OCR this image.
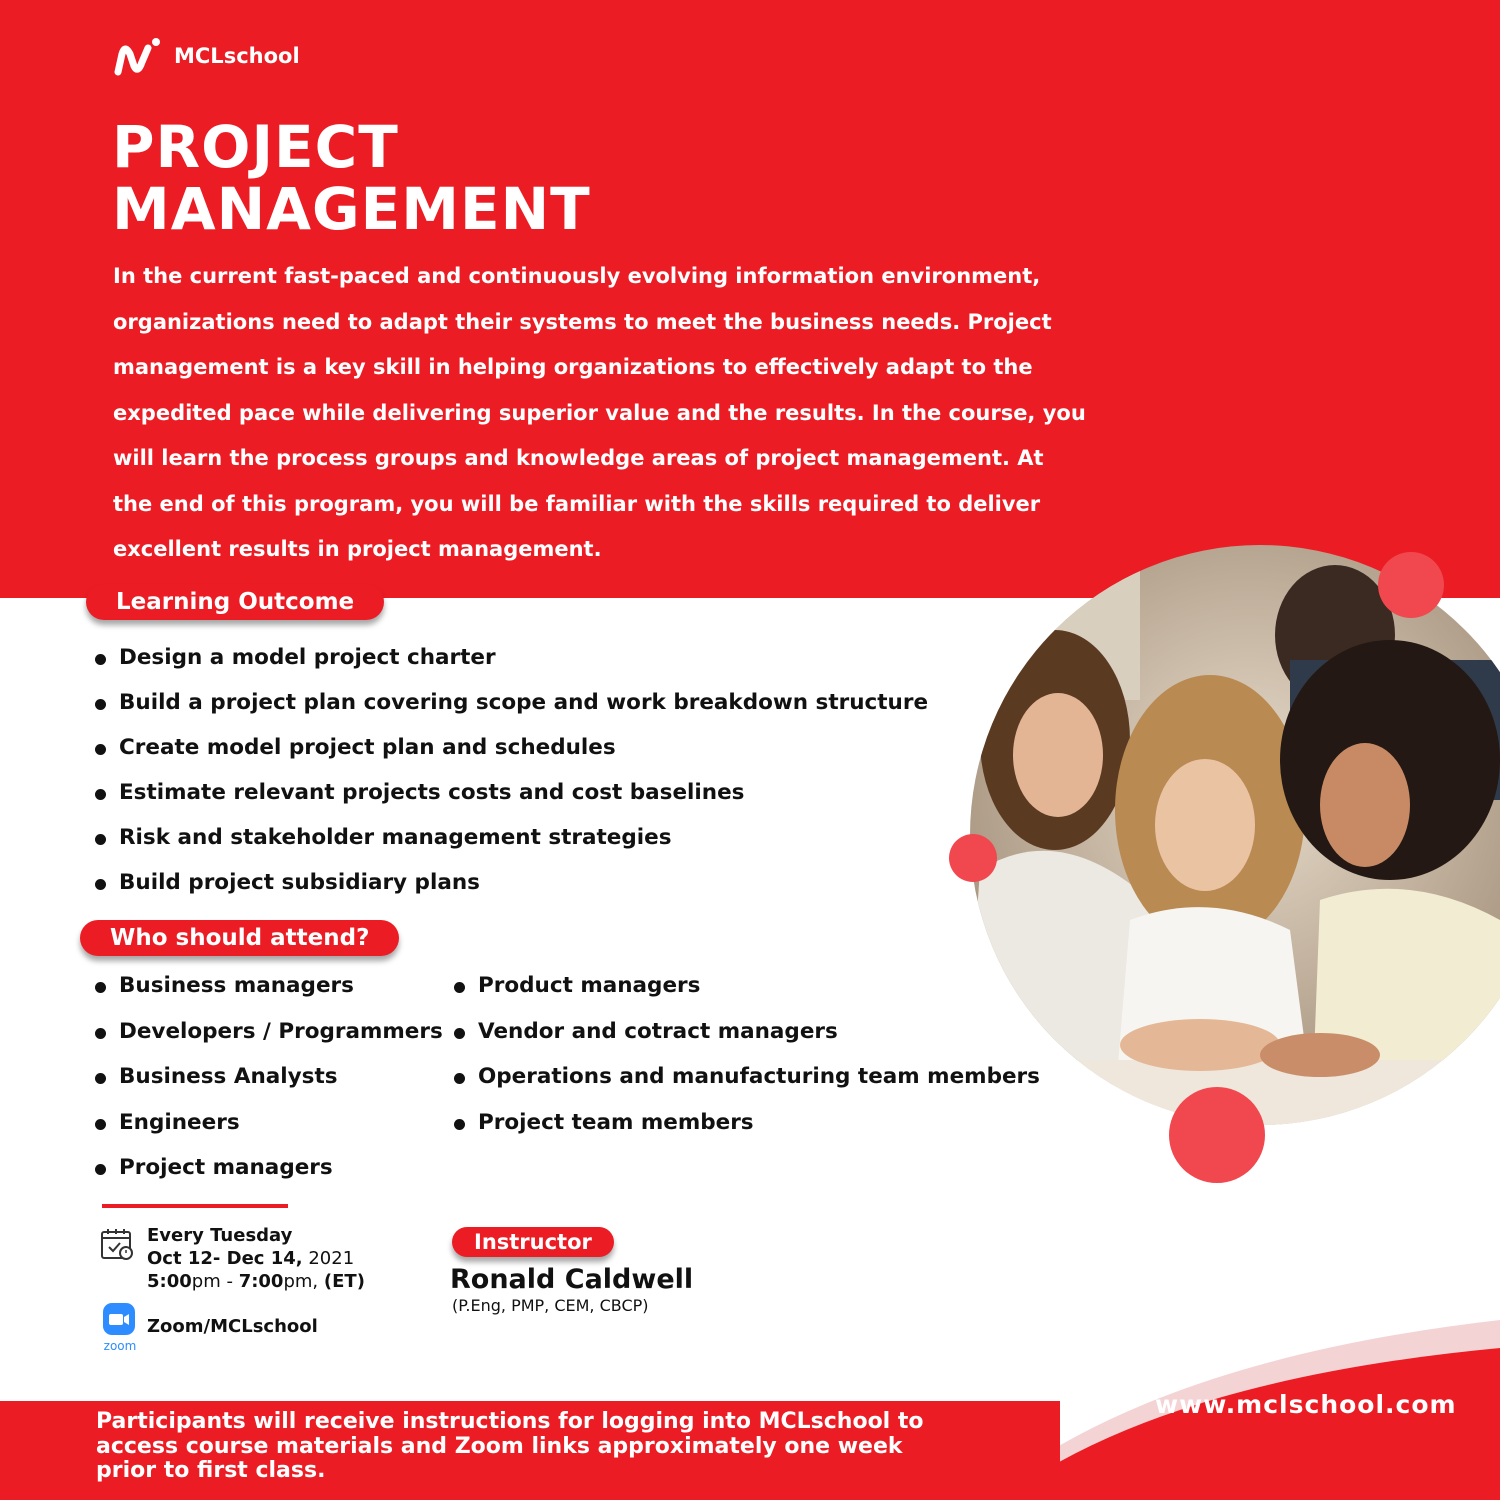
MCLschool
PROJECT
MANAGEMENT

In the current fast-paced and continuously evolving information environment, organizations need to adapt their systems to meet the business needs. Project management is a key skill in helping organizations to effectively adapt to the expedited pace while delivering superior value and the results. In the course, you will learn the process groups and knowledge areas of project management. At the end of this program, you will be familiar with the skills required to deliver excellent results in project management.

Learning Outcome
Design a model project charter
Build a project plan covering scope and work breakdown structure
Create model project plan and schedules
Estimate relevant projects costs and cost baselines
Risk and stakeholder management strategies
Build project subsidiary plans
Who should attend?
Business managers
Developers / Programmers
Business Analysts
Engineers
Project managers
Product managers
Vendor and cotract managers
Operations and manufacturing team members
Project team members
Every Tuesday
Oct 12- Dec 14, 2021
5:00pm - 7:00pm, (ET)
zoom
Zoom/MCLschool
Instructor
Ronald Caldwell
(P.Eng, PMP, CEM, CBCP)

Participants will receive instructions for logging into MCLschool to access course materials and Zoom links approximately one week prior to first class.

www.mclschool.com
